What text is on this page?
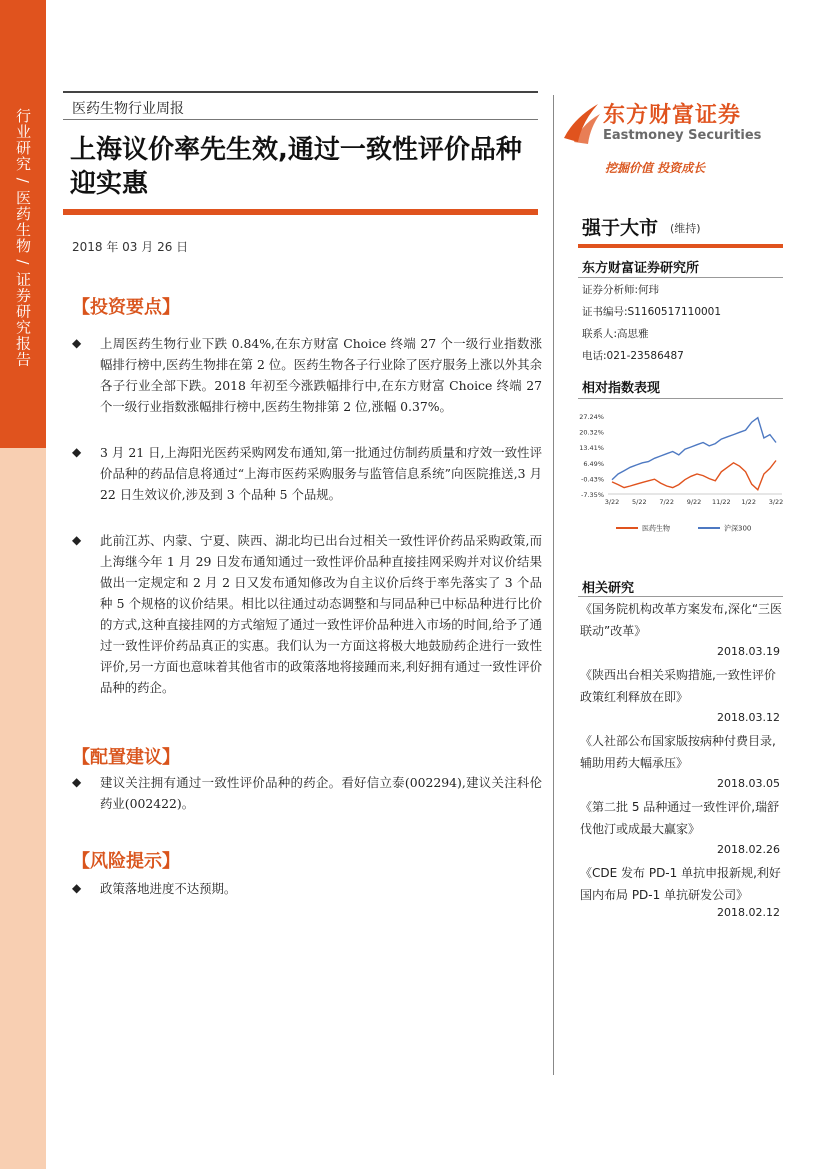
行业研究 / 医药生物 / 证券研究报告	医药生物行业周报
上海议价率先生效,通过一致性评价品种迎实惠
2018 年 03 月 26 日
【投资要点】
◆ 上周医药生物行业下跌 0.84%,在东方财富 Choice 终端 27 个一级行业指数涨幅排行榜中,医药生物排在第 2 位。医药生物各子行业除了医疗服务上涨以外其余各子行业全部下跌。2018 年初至今涨跌幅排行中,在东方财富 Choice 终端 27 个一级行业指数涨幅排行榜中,医药生物排第 2 位,涨幅 0.37%。
◆ 3 月 21 日,上海阳光医药采购网发布通知,第一批通过仿制药质量和疗效一致性评价品种的药品信息将通过“上海市医药采购服务与监管信息系统”向医院推送,3 月 22 日生效议价,涉及到 3 个品种 5 个品规。
◆ 此前江苏、内蒙、宁夏、陕西、湖北均已出台过相关一致性评价药品采购政策,而上海继今年 1 月 29 日发布通知通过一致性评价品种直接挂网采购并对议价结果做出一定规定和 2 月 2 日又发布通知修改为自主议价后终于率先落实了 3 个品种 5 个规格的议价结果。相比以往通过动态调整和与同品种已中标品种进行比价的方式,这种直接挂网的方式缩短了通过一致性评价品种进入市场的时间,给予了通过一致性评价药品真正的实惠。我们认为一方面这将极大地鼓励药企进行一致性评价,另一方面也意味着其他省市的政策落地将接踵而来,利好拥有通过一致性评价品种的药企。
【配置建议】
◆ 建议关注拥有通过一致性评价品种的药企。看好信立泰(002294),建议关注科伦药业(002422)。
【风险提示】
◆ 政策落地进度不达预期。
东方财富证券
Eastmoney Securities
挖掘价值 投资成长
强于大市 (维持)
东方财富证券研究所
证券分析师:何玮
证书编号:S1160517110001
联系人:高思雅
电话:021-23586487
相对指数表现
27.24%
20.32%
13.41%
6.49%
-0.43%
-7.35%
3/22 5/22 7/22 9/22 11/22 1/22 3/22
医药生物	沪深300
相关研究
《国务院机构改革方案发布,深化“三医联动”改革》
2018.03.19
《陕西出台相关采购措施,一致性评价政策红利释放在即》
2018.03.12
《人社部公布国家版按病种付费目录,辅助用药大幅承压》
2018.03.05
《第二批 5 品种通过一致性评价,瑞舒伐他汀或成最大赢家》
2018.02.26
《CDE 发布 PD-1 单抗申报新规,利好国内布局 PD-1 单抗研发公司》
2018.02.12
